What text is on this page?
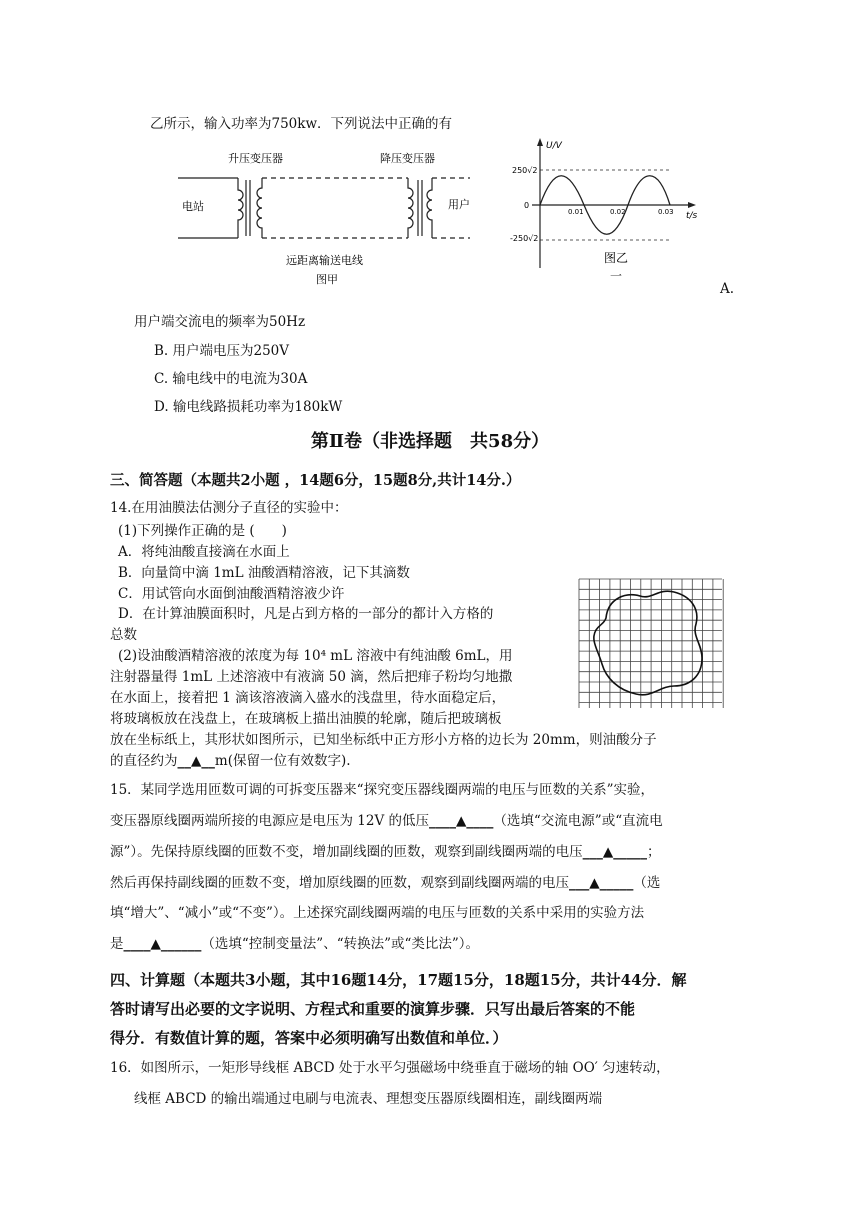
乙所示，输入功率为750kw．下列说法中正确的有
升压变压器	降压变压器
电站	用户
远距离输送电线
图甲
U/V
t/s
250√2
-250√2
0
0.01	0.02	0.03
图乙
一
A.
用户端交流电的频率为50Hz
B. 用户端电压为250V
C. 输电线中的电流为30A
D. 输电线路损耗功率为180kW
第Ⅱ卷（非选择题　共58分）
三、简答题（本题共2小题 ，14题6分，15题8分,共计14分.）
14.在用油膜法估测分子直径的实验中：
(1)下列操作正确的是 (　　)
A．将纯油酸直接滴在水面上
B．向量筒中滴 1mL 油酸酒精溶液，记下其滴数
C．用试管向水面倒油酸酒精溶液少许
D．在计算油膜面积时，凡是占到方格的一部分的都计入方格的
总数
(2)设油酸酒精溶液的浓度为每 10⁴ mL 溶液中有纯油酸 6mL，用
注射器量得 1mL 上述溶液中有液滴 50 滴，然后把痱子粉均匀地撒
在水面上，接着把 1 滴该溶液滴入盛水的浅盘里，待水面稳定后，
将玻璃板放在浅盘上，在玻璃板上描出油膜的轮廓，随后把玻璃板
放在坐标纸上，其形状如图所示，已知坐标纸中正方形小方格的边长为 20mm，则油酸分子
的直径约为__▲__m(保留一位有效数字).
15．某同学选用匝数可调的可拆变压器来“探究变压器线圈两端的电压与匝数的关系”实验，
变压器原线圈两端所接的电源应是电压为 12V 的低压____▲____（选填“交流电源”或“直流电
源”）。先保持原线圈的匝数不变，增加副线圈的匝数，观察到副线圈两端的电压___▲_____；
然后再保持副线圈的匝数不变，增加原线圈的匝数，观察到副线圈两端的电压___▲_____（选
填“增大”、“减小”或“不变”）。上述探究副线圈两端的电压与匝数的关系中采用的实验方法
是____▲______（选填“控制变量法”、“转换法”或“类比法”）。
四、计算题（本题共3小题，其中16题14分，17题15分，18题15分，共计44分．解
答时请写出必要的文字说明、方程式和重要的演算步骤．只写出最后答案的不能
得分．有数值计算的题，答案中必须明确写出数值和单位．）
16．如图所示，一矩形导线框 ABCD 处于水平匀强磁场中绕垂直于磁场的轴 OO′ 匀速转动，
线框 ABCD 的输出端通过电刷与电流表、理想变压器原线圈相连，副线圈两端
